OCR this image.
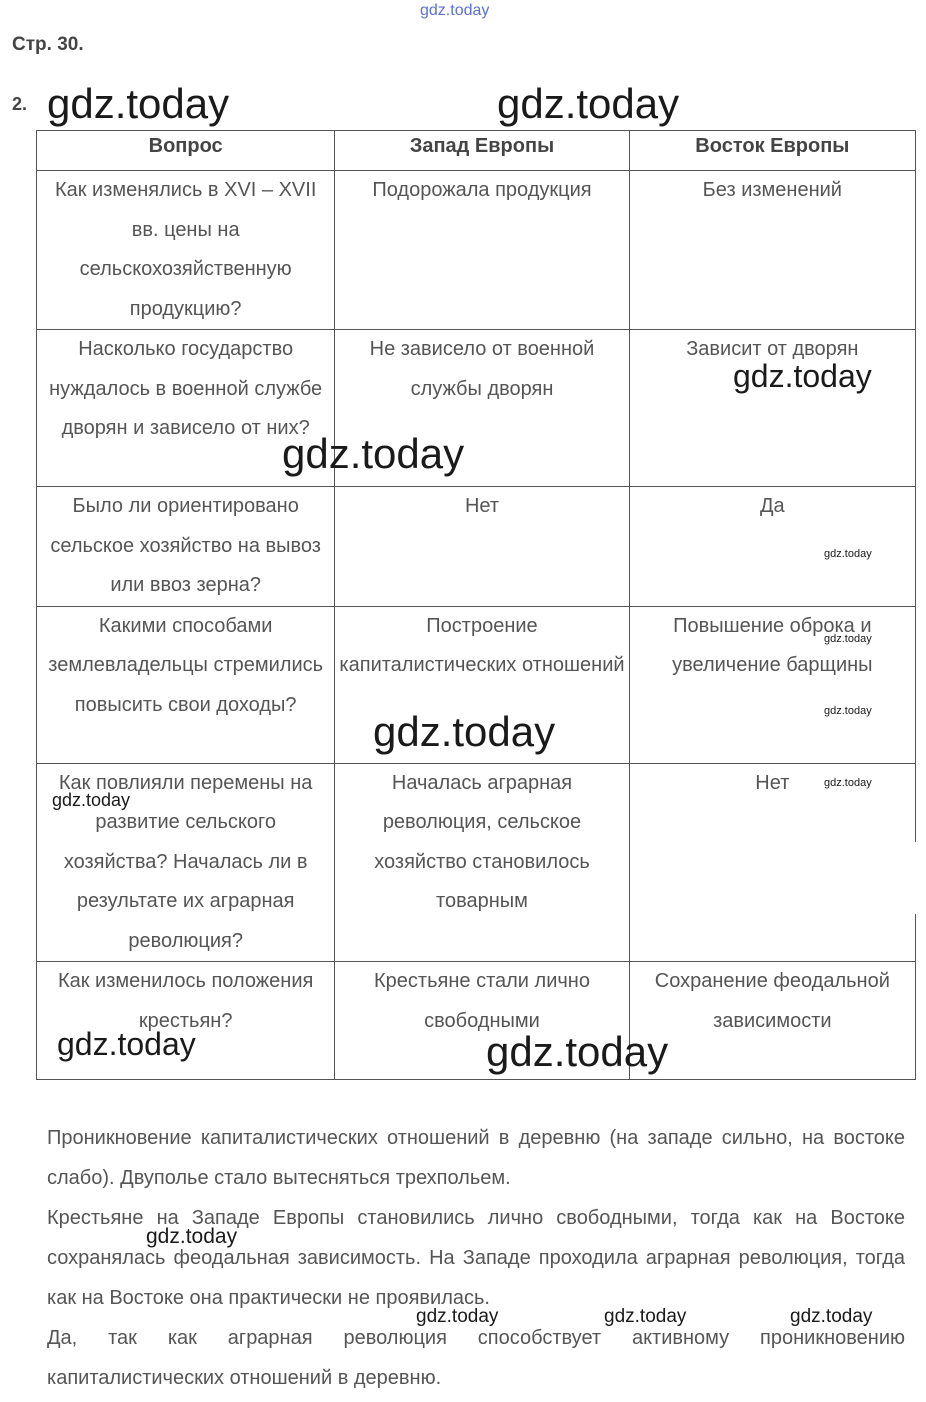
gdz.today
Стр. 30.
2.
Вопрос	Запад Европы	Восток Европы
Как изменялись в XVI – XVII вв. цены на сельскохозяйственную продукцию?	Подорожала продукция	Без изменений
Насколько государство нуждалось в военной службе дворян и зависело от них?	Не зависело от военной службы дворян	Зависит от дворян
Было ли ориентировано сельское хозяйство на вывоз или ввоз зерна?	Нет	Да
Какими способами землевладельцы стремились повысить свои доходы?	Построение капиталистических отношений	Повышение оброка и увеличение барщины
Как повлияли перемены на развитие сельского хозяйства? Началась ли в результате их аграрная революция?	Началась аграрная революция, сельское хозяйство становилось товарным	Нет
Как изменилось положения крестьян?	Крестьяне стали лично свободными	Сохранение феодальной зависимости

Проникновение капиталистических отношений в деревню (на западе сильно, на востоке слабо). Двуполье стало вытесняться трехпольем.

Крестьяне на Западе Европы становились лично свободными, тогда как на Востоке сохранялась феодальная зависимость. На Западе проходила аграрная революция, тогда как на Востоке она практически не проявилась.

Да, так как аграрная революция способствует активному проникновению капиталистических отношений в деревню.

gdz.today	gdz.today
gdz.today
gdz.today
gdz.today
gdz.today
gdz.today
gdz.today
gdz.today
gdz.today
gdz.today	gdz.today
gdz.today
gdz.today	gdz.today	gdz.today
